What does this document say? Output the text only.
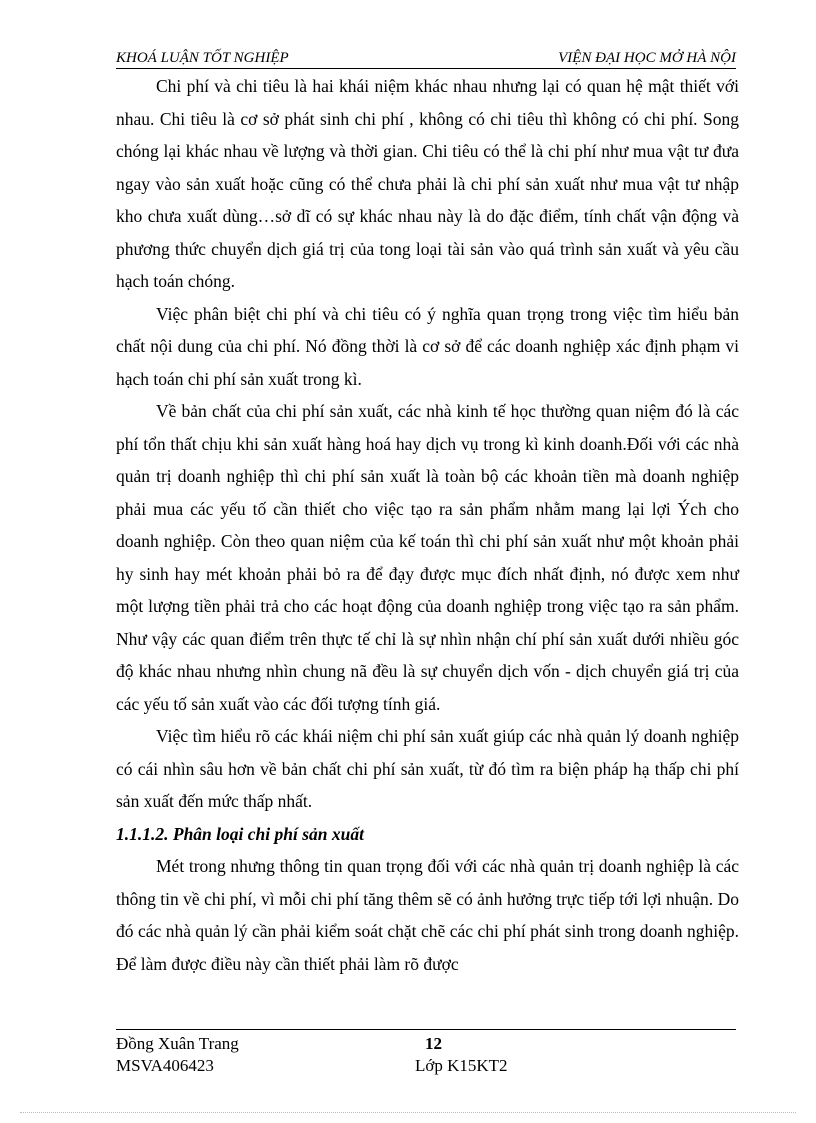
KHOÁ LUẬN TỐT NGHIỆP	VIỆN ĐẠI HỌC MỞ HÀ NỘI

Chi phí và chi tiêu là hai khái niệm khác nhau nhưng lại có quan hệ mật thiết với nhau. Chi tiêu là cơ sở phát sinh chi phí , không có chi tiêu thì không có chi phí. Song chóng lại khác nhau về lượng và thời gian. Chi tiêu có thể là chi phí như mua vật tư đưa ngay vào sản xuất hoặc cũng có thể chưa phải là chi phí sản xuất như mua vật tư nhập kho chưa xuất dùng…sở dĩ có sự khác nhau này là do đặc điểm, tính chất vận động và phương thức chuyển dịch giá trị của tong loại tài sản vào quá trình sản xuất và yêu cầu hạch toán chóng.

Việc phân biệt chi phí và chi tiêu có ý nghĩa quan trọng trong việc tìm hiểu bản chất nội dung của chi phí. Nó đồng thời là cơ sở để các doanh nghiệp xác định phạm vi hạch toán chi phí sản xuất trong kì.

Về bản chất của chi phí sản xuất, các nhà kinh tế học thường quan niệm đó là các phí tổn thất chịu khi sản xuất hàng hoá hay dịch vụ trong kì kinh doanh.Đối với các nhà quản trị doanh nghiệp thì chi phí sản xuất là toàn bộ các khoản tiền mà doanh nghiệp phải mua các yếu tố cần thiết cho việc tạo ra sản phẩm nhằm mang lại lợi Ých cho doanh nghiệp. Còn theo quan niệm của kế toán thì chi phí sản xuất như một khoản phải hy sinh hay mét khoản phải bỏ ra để đạy được mục đích nhất định, nó được xem như một lượng tiền phải trả cho các hoạt động của doanh nghiệp trong việc tạo ra sản phẩm. Như vậy các quan điểm trên thực tế chỉ là sự nhìn nhận chí phí sản xuất dưới nhiều góc độ khác nhau nhưng nhìn chung nã đều là sự chuyển dịch vốn - dịch chuyển giá trị của các yếu tố sản xuất vào các đối tượng tính giá.

Việc tìm hiểu rõ các khái niệm chi phí sản xuất giúp các nhà quản lý doanh nghiệp có cái nhìn sâu hơn về bản chất chi phí sản xuất, từ đó tìm ra biện pháp hạ thấp chi phí sản xuất đến mức thấp nhất.

1.1.1.2. Phân loại chi phí sản xuất

Mét trong nhưng thông tin quan trọng đối với các nhà quản trị doanh nghiệp là các thông tin về chi phí, vì mỗi chi phí tăng thêm sẽ có ảnh hưởng trực tiếp tới lợi nhuận. Do đó các nhà quản lý cần phải kiểm soát chặt chẽ các chi phí phát sinh trong doanh nghiệp. Để làm được điều này cần thiết phải làm rõ được

Đồng Xuân Trang
MSVA406423
12
Lớp K15KT2
